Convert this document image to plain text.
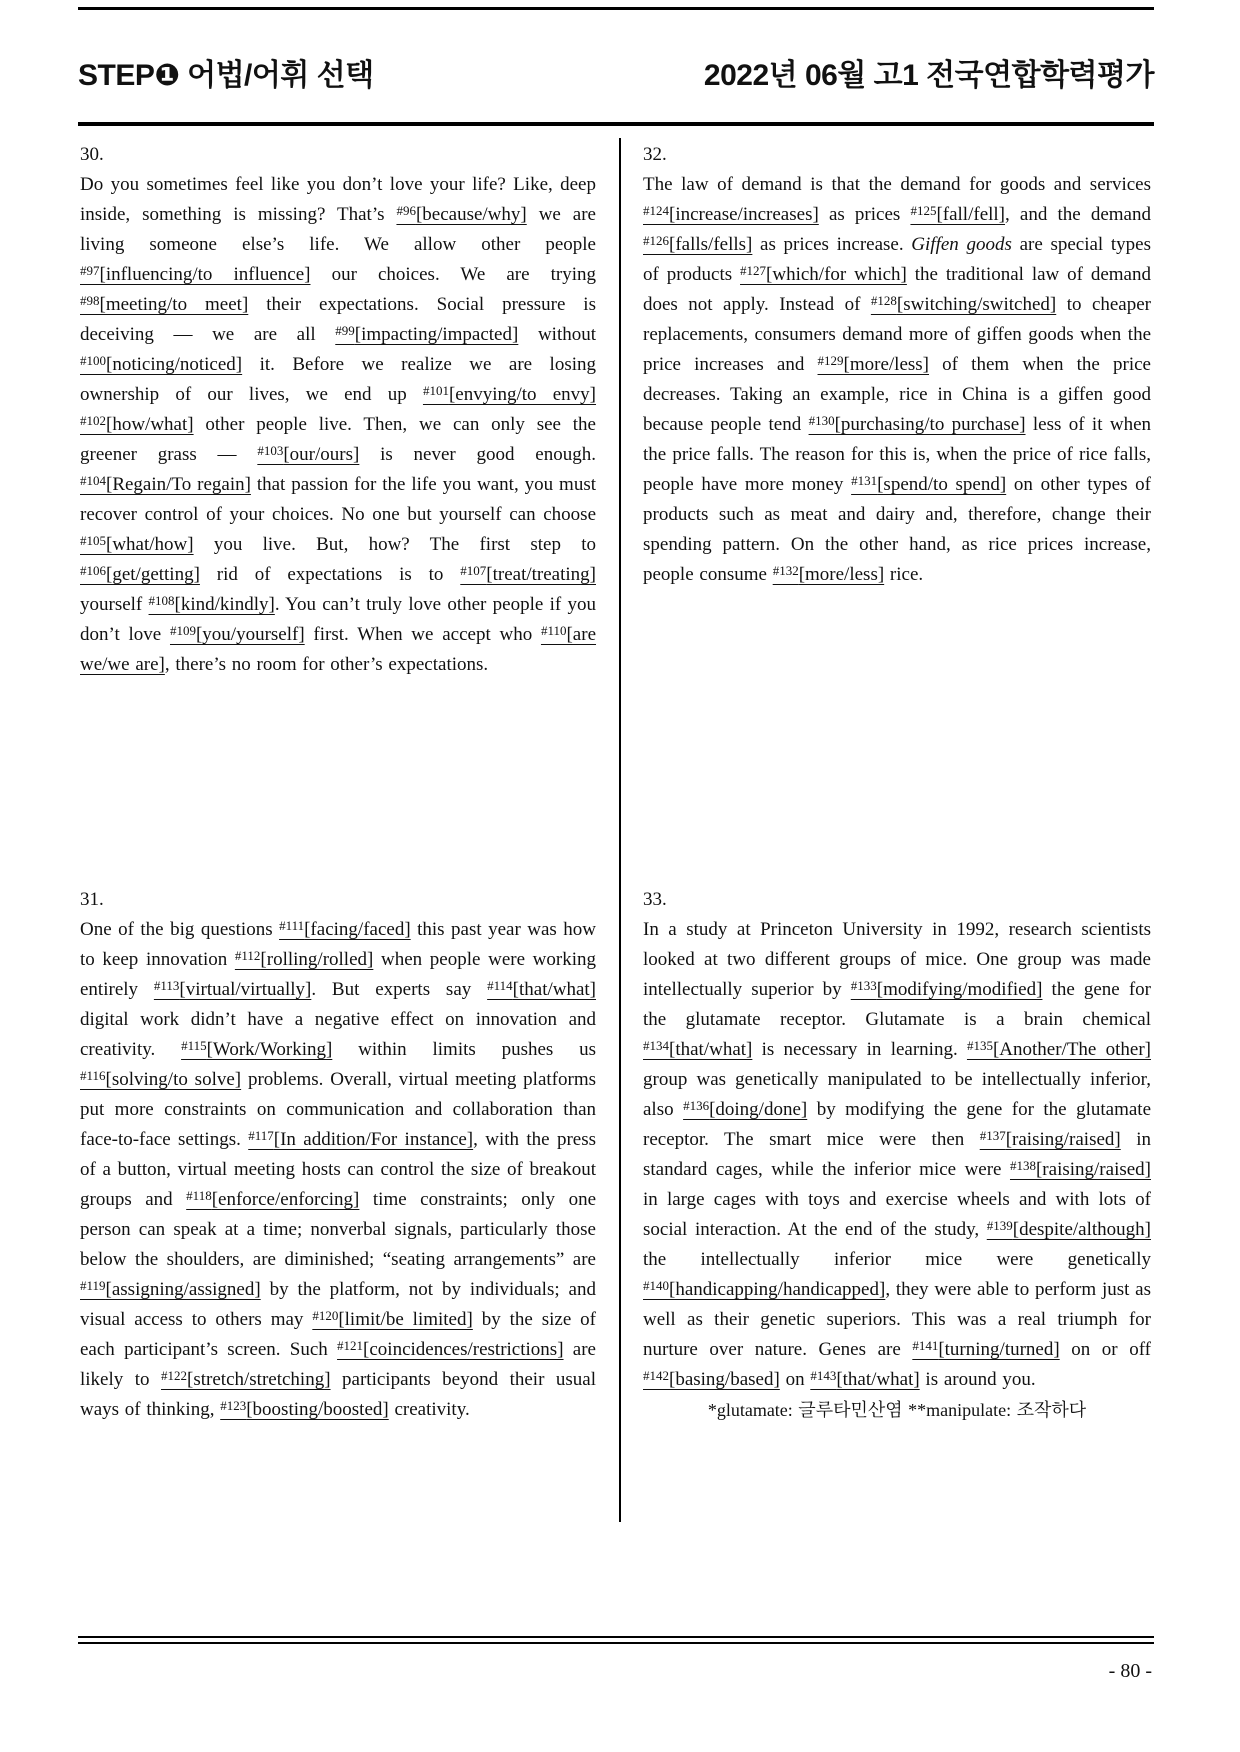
STEP❶ 어법/어휘 선택	2022년 06월 고1 전국연합학력평가
30.

Do you sometimes feel like you don’t love your life? Like, deep inside, something is missing? That’s $^{\#96}$[because/why] we are living someone else’s life. We allow other people $^{\#97}$[influencing/to influence] our choices. We are trying $^{\#98}$[meeting/to meet] their expectations. Social pressure is deceiving — we are all $^{\#99}$[impacting/impacted] without $^{\#100}$[noticing/noticed] it. Before we realize we are losing ownership of our lives, we end up $^{\#101}$[envying/to envy] $^{\#102}$[how/what] other people live. Then, we can only see the greener grass — $^{\#103}$[our/ours] is never good enough. $^{\#104}$[Regain/To regain] that passion for the life you want, you must recover control of your choices. No one but yourself can choose $^{\#105}$[what/how] you live. But, how? The first step to $^{\#106}$[get/getting] rid of expectations is to $^{\#107}$[treat/treating] yourself $^{\#108}$[kind/kindly]. You can’t truly love other people if you don’t love $^{\#109}$[you/yourself] first. When we accept who $^{\#110}$[are we/we are], there’s no room for other’s expectations.

31.

One of the big questions $^{\#111}$[facing/faced] this past year was how to keep innovation $^{\#112}$[rolling/rolled] when people were working entirely $^{\#113}$[virtual/virtually]. But experts say $^{\#114}$[that/what] digital work didn’t have a negative effect on innovation and creativity. $^{\#115}$[Work/Working] within limits pushes us $^{\#116}$[solving/to solve] problems. Overall, virtual meeting platforms put more constraints on communication and collaboration than face-to-face settings. $^{\#117}$[In addition/For instance], with the press of a button, virtual meeting hosts can control the size of breakout groups and $^{\#118}$[enforce/enforcing] time constraints; only one person can speak at a time; nonverbal signals, particularly those below the shoulders, are diminished; “seating arrangements” are $^{\#119}$[assigning/assigned] by the platform, not by individuals; and visual access to others may $^{\#120}$[limit/be limited] by the size of each participant’s screen. Such $^{\#121}$[coincidences/restrictions] are likely to $^{\#122}$[stretch/stretching] participants beyond their usual ways of thinking, $^{\#123}$[boosting/boosted] creativity.

32.

The law of demand is that the demand for goods and services $^{\#124}$[increase/increases] as prices $^{\#125}$[fall/fell], and the demand $^{\#126}$[falls/fells] as prices increase. Giffen goods are special types of products $^{\#127}$[which/for which] the traditional law of demand does not apply. Instead of $^{\#128}$[switching/switched] to cheaper replacements, consumers demand more of giffen goods when the price increases and $^{\#129}$[more/less] of them when the price decreases. Taking an example, rice in China is a giffen good because people tend $^{\#130}$[purchasing/to purchase] less of it when the price falls. The reason for this is, when the price of rice falls, people have more money $^{\#131}$[spend/to spend] on other types of products such as meat and dairy and, therefore, change their spending pattern. On the other hand, as rice prices increase, people consume $^{\#132}$[more/less] rice.

33.

In a study at Princeton University in 1992, research scientists looked at two different groups of mice. One group was made intellectually superior by $^{\#133}$[modifying/modified] the gene for the glutamate receptor. Glutamate is a brain chemical $^{\#134}$[that/what] is necessary in learning. $^{\#135}$[Another/The other] group was genetically manipulated to be intellectually inferior, also $^{\#136}$[doing/done] by modifying the gene for the glutamate receptor. The smart mice were then $^{\#137}$[raising/raised] in standard cages, while the inferior mice were $^{\#138}$[raising/raised] in large cages with toys and exercise wheels and with lots of social interaction. At the end of the study, $^{\#139}$[despite/although] the intellectually inferior mice were genetically $^{\#140}$[handicapping/handicapped], they were able to perform just as well as their genetic superiors. This was a real triumph for nurture over nature. Genes are $^{\#141}$[turning/turned] on or off $^{\#142}$[basing/based] on $^{\#143}$[that/what] is around you.

*glutamate: 글루타민산염 **manipulate: 조작하다

- 80 -
